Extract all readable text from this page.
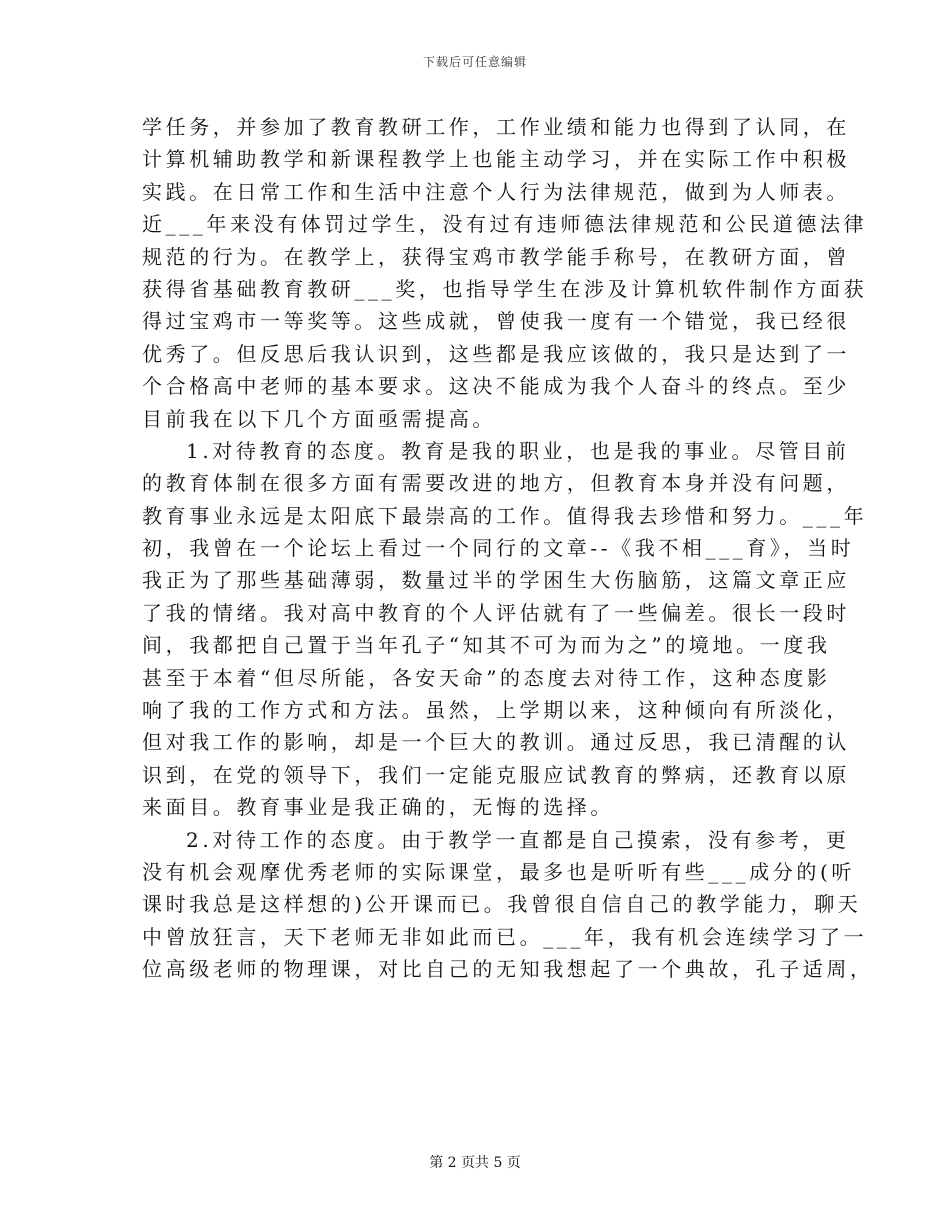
下载后可任意编辑
学任务，并参加了教育教研工作，工作业绩和能力也得到了认同，在
计算机辅助教学和新课程教学上也能主动学习，并在实际工作中积极
实践。在日常工作和生活中注意个人行为法律规范，做到为人师表。
近___年来没有体罚过学生，没有过有违师德法律规范和公民道德法律
规范的行为。在教学上，获得宝鸡市教学能手称号，在教研方面，曾
获得省基础教育教研___奖，也指导学生在涉及计算机软件制作方面获
得过宝鸡市一等奖等。这些成就，曾使我一度有一个错觉，我已经很
优秀了。但反思后我认识到，这些都是我应该做的，我只是达到了一
个合格高中老师的基本要求。这决不能成为我个人奋斗的终点。至少
目前我在以下几个方面亟需提高。
1.对待教育的态度。教育是我的职业，也是我的事业。尽管目前
的教育体制在很多方面有需要改进的地方，但教育本身并没有问题，
教育事业永远是太阳底下最崇高的工作。值得我去珍惜和努力。___年
初，我曾在一个论坛上看过一个同行的文章--《我不相___育》，当时
我正为了那些基础薄弱，数量过半的学困生大伤脑筋，这篇文章正应
了我的情绪。我对高中教育的个人评估就有了一些偏差。很长一段时
间，我都把自己置于当年孔子“知其不可为而为之”的境地。一度我
甚至于本着“但尽所能，各安天命”的态度去对待工作，这种态度影
响了我的工作方式和方法。虽然，上学期以来，这种倾向有所淡化，
但对我工作的影响，却是一个巨大的教训。通过反思，我已清醒的认
识到，在党的领导下，我们一定能克服应试教育的弊病，还教育以原
来面目。教育事业是我正确的，无悔的选择。
2.对待工作的态度。由于教学一直都是自己摸索，没有参考，更
没有机会观摩优秀老师的实际课堂，最多也是听听有些___成分的(听
课时我总是这样想的)公开课而已。我曾很自信自己的教学能力，聊天
中曾放狂言，天下老师无非如此而已。___年，我有机会连续学习了一
位高级老师的物理课，对比自己的无知我想起了一个典故，孔子适周，
第 2 页共 5 页
